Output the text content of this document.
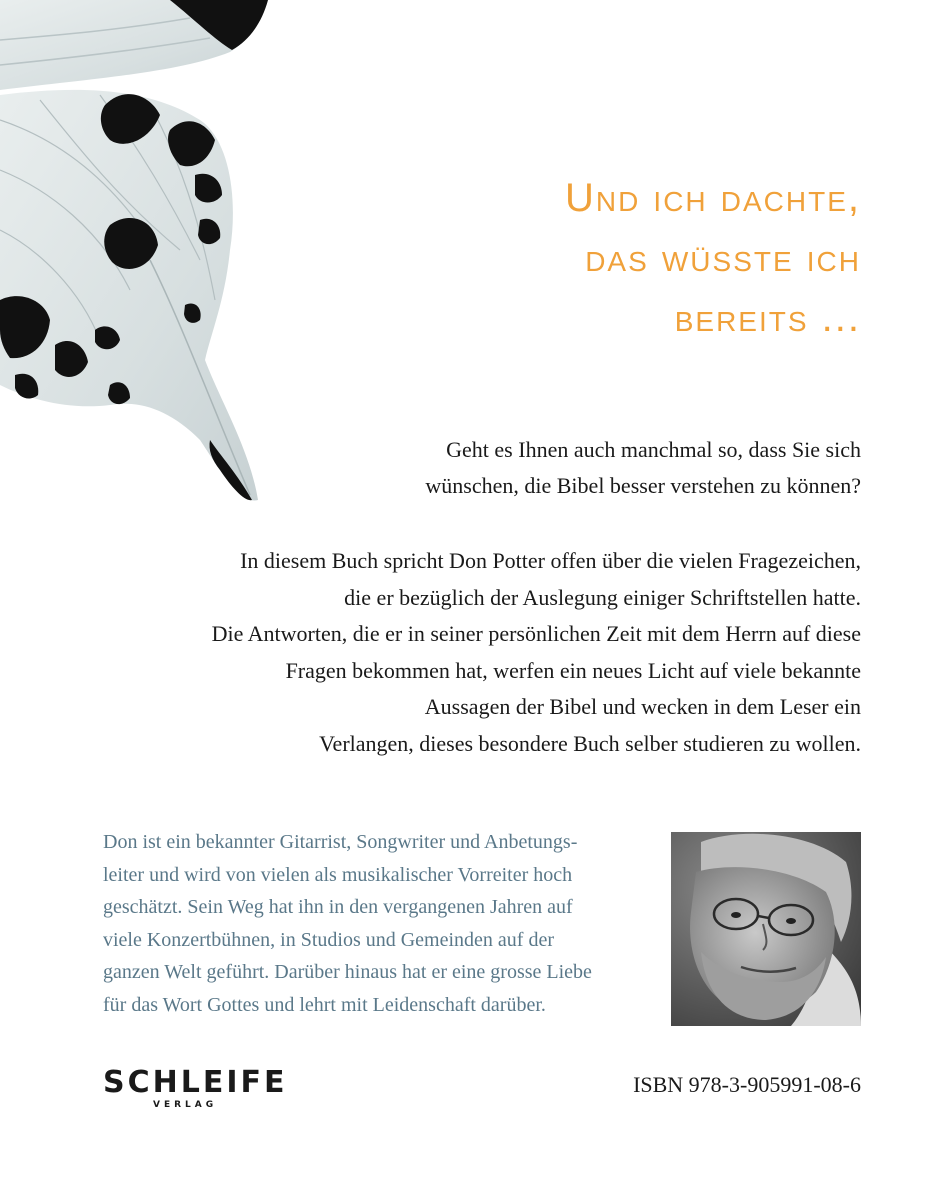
Und ich dachte,
das wüsste ich
bereits ...

Geht es Ihnen auch manchmal so, dass Sie sich
wünschen, die Bibel besser verstehen zu können?

In diesem Buch spricht Don Potter offen über die vielen Fragezeichen,
die er bezüglich der Auslegung einiger Schriftstellen hatte.
Die Antworten, die er in seiner persönlichen Zeit mit dem Herrn auf diese
Fragen bekommen hat, werfen ein neues Licht auf viele bekannte
Aussagen der Bibel und wecken in dem Leser ein
Verlangen, dieses besondere Buch selber studieren zu wollen.

Don ist ein bekannter Gitarrist, Songwriter und Anbetungs-
leiter und wird von vielen als musikalischer Vorreiter hoch
geschätzt. Sein Weg hat ihn in den vergangenen Jahren auf
viele Konzertbühnen, in Studios und Gemeinden auf der
ganzen Welt geführt. Darüber hinaus hat er eine grosse Liebe
für das Wort Gottes und lehrt mit Leidenschaft darüber.

SCHLEIFE
VERLAG

ISBN 978-3-905991-08-6
